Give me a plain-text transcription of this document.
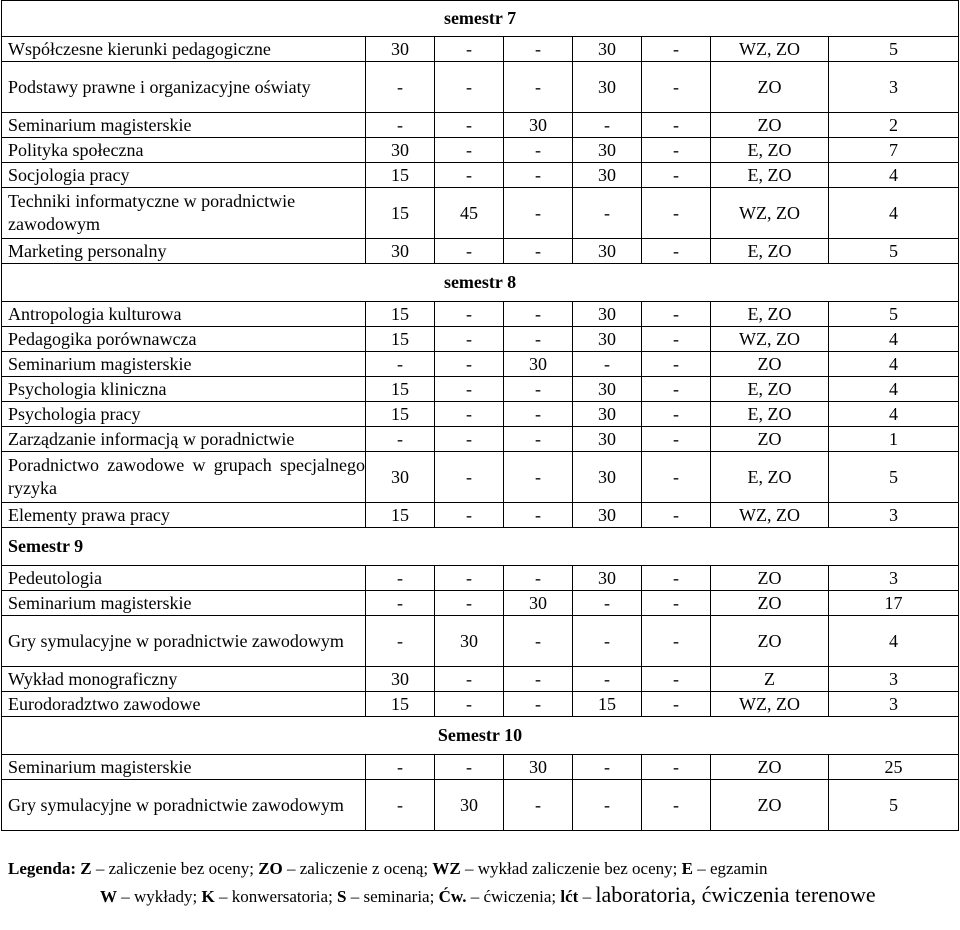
semestr 7							
Współczesne kierunki pedagogiczne	30	-	-	30	-	WZ, ZO	5
Podstawy prawne i organizacyjne oświaty	-	-	-	30	-	ZO	3
Seminarium magisterskie	-	-	30	-	-	ZO	2
Polityka społeczna	30	-	-	30	-	E, ZO	7
Socjologia pracy	15	-	-	30	-	E, ZO	4
Techniki informatyczne w poradnictwie zawodowym	15	45	-	-	-	WZ, ZO	4
Marketing personalny	30	-	-	30	-	E, ZO	5
semestr 8							
Antropologia kulturowa	15	-	-	30	-	E, ZO	5
Pedagogika porównawcza	15	-	-	30	-	WZ, ZO	4
Seminarium magisterskie	-	-	30	-	-	ZO	4
Psychologia kliniczna	15	-	-	30	-	E, ZO	4
Psychologia pracy	15	-	-	30	-	E, ZO	4
Zarządzanie informacją w poradnictwie	-	-	-	30	-	ZO	1
Poradnictwo zawodowe w grupach specjalnego ryzyka	30	-	-	30	-	E, ZO	5
Elementy prawa pracy	15	-	-	30	-	WZ, ZO	3
Semestr 9							
Pedeutologia	-	-	-	30	-	ZO	3
Seminarium magisterskie	-	-	30	-	-	ZO	17
Gry symulacyjne w poradnictwie zawodowym	-	30	-	-	-	ZO	4
Wykład monograficzny	30	-	-	-	-	Z	3
Eurodoradztwo zawodowe	15	-	-	15	-	WZ, ZO	3
Semestr 10							
Seminarium magisterskie	-	-	30	-	-	ZO	25
Gry symulacyjne w poradnictwie zawodowym	-	30	-	-	-	ZO	5
Legenda: Z – zaliczenie bez oceny; ZO – zaliczenie z oceną; WZ – wykład zaliczenie bez oceny; E – egzamin
W – wykłady; K – konwersatoria; S – seminaria; Ćw. – ćwiczenia; lćt – laboratoria, ćwiczenia terenowe
